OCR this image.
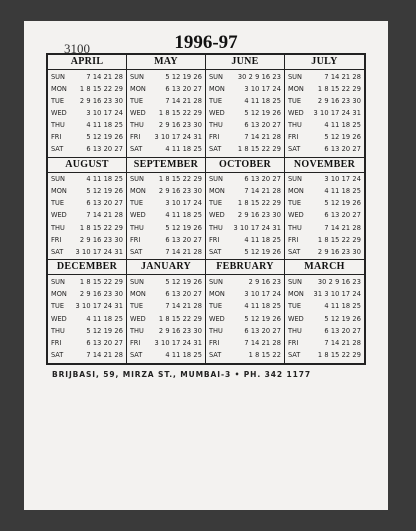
3100	1996-97
APRIL
SUN	7 14 21 28
MON	1 8 15 22 29
TUE	2 9 16 23 30
WED	3 10 17 24
THU	4 11 18 25
FRI	5 12 19 26
SAT	6 13 20 27
MAY
SUN	5 12 19 26
MON	6 13 20 27
TUE	7 14 21 28
WED	1 8 15 22 29
THU	2 9 16 23 30
FRI	3 10 17 24 31
SAT	4 11 18 25
JUNE
SUN	30 2 9 16 23
MON	3 10 17 24
TUE	4 11 18 25
WED	5 12 19 26
THU	6 13 20 27
FRI	7 14 21 28
SAT	1 8 15 22 29
JULY
SUN	7 14 21 28
MON	1 8 15 22 29
TUE	2 9 16 23 30
WED	3 10 17 24 31
THU	4 11 18 25
FRI	5 12 19 26
SAT	6 13 20 27
AUGUST
SUN	4 11 18 25
MON	5 12 19 26
TUE	6 13 20 27
WED	7 14 21 28
THU	1 8 15 22 29
FRI	2 9 16 23 30
SAT	3 10 17 24 31
SEPTEMBER
SUN	1 8 15 22 29
MON	2 9 16 23 30
TUE	3 10 17 24
WED	4 11 18 25
THU	5 12 19 26
FRI	6 13 20 27
SAT	7 14 21 28
OCTOBER
SUN	6 13 20 27
MON	7 14 21 28
TUE	1 8 15 22 29
WED	2 9 16 23 30
THU	3 10 17 24 31
FRI	4 11 18 25
SAT	5 12 19 26
NOVEMBER
SUN	3 10 17 24
MON	4 11 18 25
TUE	5 12 19 26
WED	6 13 20 27
THU	7 14 21 28
FRI	1 8 15 22 29
SAT	2 9 16 23 30
DECEMBER
SUN	1 8 15 22 29
MON	2 9 16 23 30
TUE	3 10 17 24 31
WED	4 11 18 25
THU	5 12 19 26
FRI	6 13 20 27
SAT	7 14 21 28
JANUARY
SUN	5 12 19 26
MON	6 13 20 27
TUE	7 14 21 28
WED	1 8 15 22 29
THU	2 9 16 23 30
FRI	3 10 17 24 31
SAT	4 11 18 25
FEBRUARY
SUN	2 9 16 23
MON	3 10 17 24
TUE	4 11 18 25
WED	5 12 19 26
THU	6 13 20 27
FRI	7 14 21 28
SAT	1 8 15 22
MARCH
SUN	30 2 9 16 23
MON	31 3 10 17 24
TUE	4 11 18 25
WED	5 12 19 26
THU	6 13 20 27
FRI	7 14 21 28
SAT	1 8 15 22 29
BRIJBASI, 59, MIRZA ST., MUMBAI-3 • PH. 342 1177
